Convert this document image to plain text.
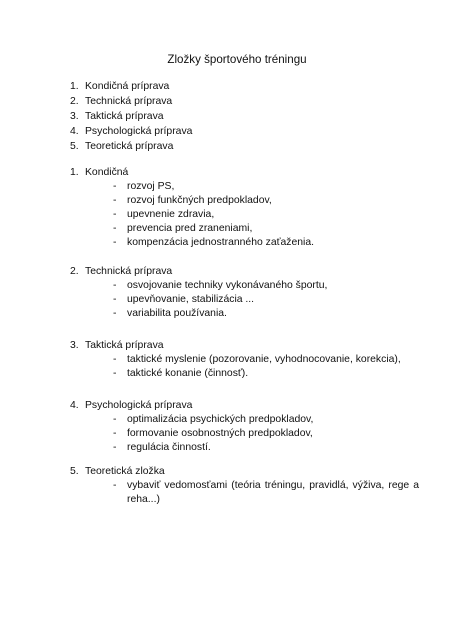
Zložky športového tréningu
1. Kondičná príprava
2. Technická príprava
3. Taktická príprava
4. Psychologická príprava
5. Teoretická príprava
1. Kondičná
- rozvoj PS,
- rozvoj funkčných predpokladov,
- upevnenie zdravia,
- prevencia pred zraneniami,
- kompenzácia jednostranného zaťaženia.
2. Technická príprava
- osvojovanie techniky vykonávaného športu,
- upevňovanie, stabilizácia ...
- variabilita používania.
3. Taktická príprava
- taktické myslenie (pozorovanie, vyhodnocovanie, korekcia),
- taktické konanie (činnosť).
4. Psychologická príprava
- optimalizácia psychických predpokladov,
- formovanie osobnostných predpokladov,
- regulácia činností.
5. Teoretická zložka
- vybaviť vedomosťami (teória tréningu, pravidlá, výživa, rege a reha...)
